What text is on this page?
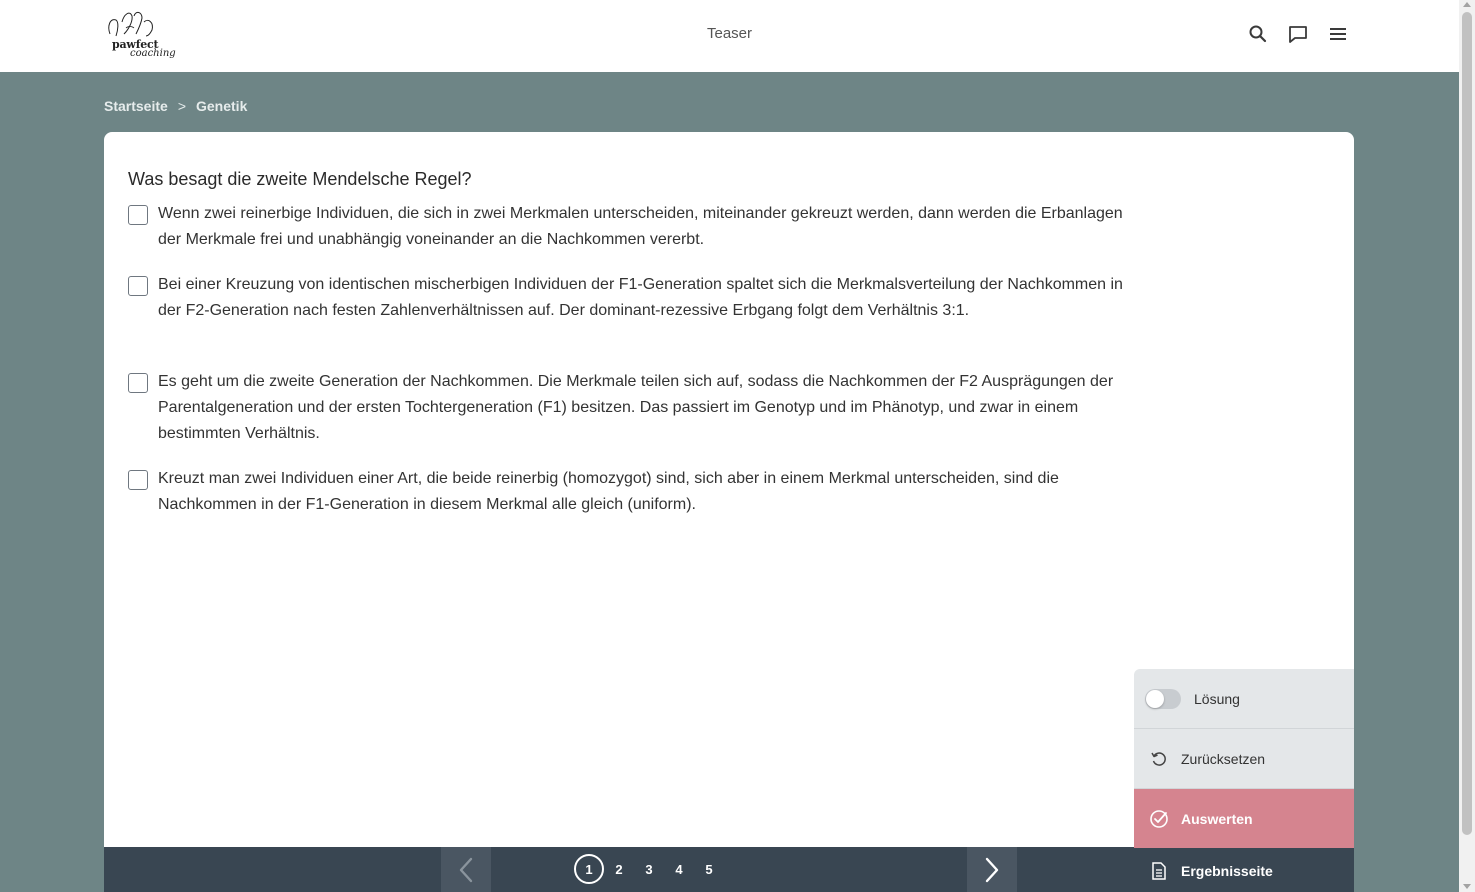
pawfect
coaching
Teaser
Startseite > Genetik
Was besagt die zweite Mendelsche Regel?
Wenn zwei reinerbige Individuen, die sich in zwei Merkmalen unterscheiden, miteinander gekreuzt werden, dann werden die Erbanlagen der Merkmale frei und unabhängig voneinander an die Nachkommen vererbt.
Bei einer Kreuzung von identischen mischerbigen Individuen der F1-Generation spaltet sich die Merkmalsverteilung der Nachkommen in der F2-Generation nach festen Zahlenverhältnissen auf. Der dominant-rezessive Erbgang folgt dem Verhältnis 3:1.
Es geht um die zweite Generation der Nachkommen. Die Merkmale teilen sich auf, sodass die Nachkommen der F2 Ausprägungen der Parentalgeneration und der ersten Tochtergeneration (F1) besitzen. Das passiert im Genotyp und im Phänotyp, und zwar in einem bestimmten Verhältnis.
Kreuzt man zwei Individuen einer Art, die beide reinerbig (homozygot) sind, sich aber in einem Merkmal unterscheiden, sind die Nachkommen in der F1-Generation in diesem Merkmal alle gleich (uniform).
Lösung
Zurücksetzen
Auswerten
Ergebnisseite
1	2	3	4	5
